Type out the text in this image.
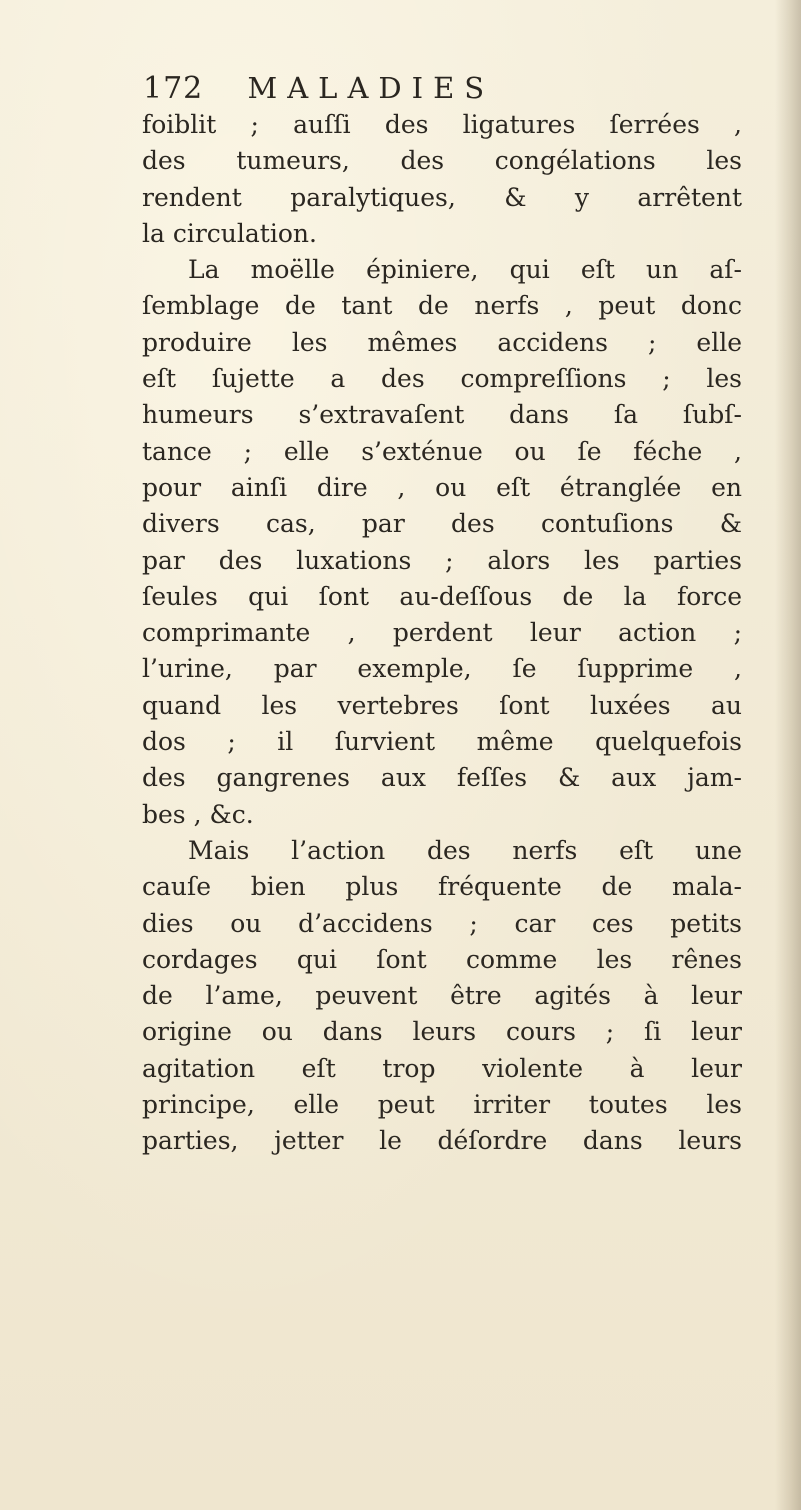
172 MALADIES
foiblit ; auſſi des ligatures ſerrées ,
des tumeurs, des congélations les
rendent paralytiques, & y arrêtent
la circulation.
La moëlle épiniere, qui eſt un aſ-
ſemblage de tant de nerfs , peut donc
produire les mêmes accidens ; elle
eſt ſujette a des compreſſions ; les
humeurs s’extravaſent dans ſa ſubſ-
tance ; elle s’exténue ou ſe féche ,
pour ainſi dire , ou eſt étranglée en
divers cas, par des contuſions &
par des luxations ; alors les parties
ſeules qui ſont au-deſſous de la force
comprimante , perdent leur action ;
l’urine, par exemple, ſe ſupprime ,
quand les vertebres ſont luxées au
dos ; il ſurvient même quelquefois
des gangrenes aux feſſes & aux jam-
bes , &c.
Mais l’action des nerfs eſt une
cauſe bien plus fréquente de mala-
dies ou d’accidens ; car ces petits
cordages qui ſont comme les rênes
de l’ame, peuvent être agités à leur
origine ou dans leurs cours ; ſi leur
agitation eſt trop violente à leur
principe, elle peut irriter toutes les
parties, jetter le déſordre dans leurs
